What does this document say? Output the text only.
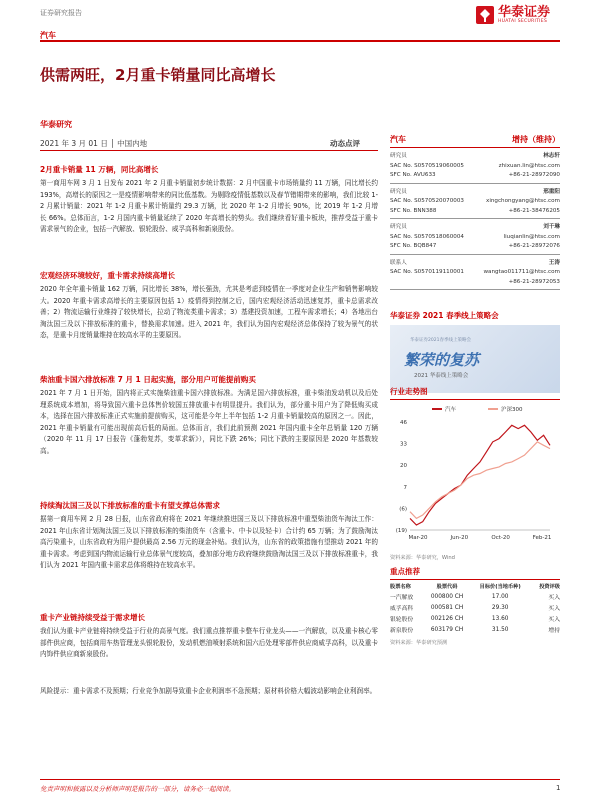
证券研究报告	华泰证券
HUATAI SECURITIES
汽车
供需两旺，2月重卡销量同比高增长
华泰研究
2021 年 3 月 01 日 │ 中国内地	动态点评
2月重卡销量 11 万辆，同比高增长
第一商用车网 3 月 1 日发布 2021 年 2 月重卡销量初步统计数据：2 月中国重卡市场销量约 11 万辆，同比增长约 193%，高增长的原因之一是疫情影响带来的同比低基数。为剔除疫情低基数以及春节错期带来的影响，我们比较 1-2 月累计销量：2021 年 1-2 月重卡累计销量约 29.3 万辆，比 2020 年 1-2 月增长 90%，比 2019 年 1-2 月增长 66%。总体而言，1-2 月国内重卡销量延续了 2020 年高增长的势头。我们继续看好重卡板块，推荐受益于重卡需求景气的企业，包括一汽解放、银轮股份、威孚高科和新泉股份。
宏观经济环境较好，重卡需求持续高增长
2020 年全年重卡销量 162 万辆，同比增长 38%，增长强劲，尤其是考虑到疫情在一季度对企业生产和销售影响较大。2020 年重卡需求高增长的主要原因包括 1）疫情得到控制之后，国内宏观经济活动迅速复苏，重卡总需求改善；2）物流运输行业维持了较快增长，拉动了物流类重卡需求；3）基建投资加速，工程车需求增长；4）各地出台淘汰国三及以下排放标准的重卡，替换需求加速。进入 2021 年，我们认为国内宏观经济总体保持了较为景气的状态，是重卡月度销量维持在较高水平的主要原因。
柴油重卡国六排放标准 7 月 1 日起实施，部分用户可能提前购买
2021 年 7 月 1 日开始，国内将正式实施柴油重卡国六排放标准。为满足国六排放标准，重卡柴油发动机以及后处理系统成本增加，将导致国六重卡总体售价较国五排放重卡有明显提升。我们认为，部分重卡用户为了降低购买成本，选择在国六排放标准正式实施前提前购买，这可能是今年上半年包括 1-2 月重卡销量较高的原因之一。因此，2021 年重卡销量有可能出现前高后低的局面。总体而言，我们此前预测 2021 年国内重卡全年总销量 120 万辆（2020 年 11 月 17 日报告《蓬勃复苏，变革求新》），同比下跌 26%；同比下跌的主要原因是 2020 年基数较高。
持续淘汰国三及以下排放标准的重卡有望支撑总体需求
据第一商用车网 2 月 28 日报，山东省政府将在 2021 年继续推进国三及以下排放标准中重型柴油货车淘汰工作：2021 年山东省计划淘汰国三及以下排放标准的柴油货车（含重卡、中卡以及轻卡）合计约 65 万辆；为了鼓励淘汰高污染重卡，山东省政府为用户提供最高 2.56 万元的现金补贴。我们认为，山东省的政策措施有望推动 2021 年的重卡需求。考虑到国内物流运输行业总体景气度较高，叠加部分地方政府继续鼓励淘汰国三及以下排放标准重卡，我们认为 2021 年国内重卡需求总体将维持在较高水平。
重卡产业链持续受益于需求增长
我们认为重卡产业链将持续受益于行业的高景气度。我们重点推荐重卡整车行业龙头——一汽解放，以及重卡核心零部件供应商，包括商用车热管理龙头银轮股份，发动机燃油喷射系统和国六后处理零部件供应商威孚高科，以及重卡内饰件供应商新泉股份。
风险提示：重卡需求不及预期；行业竞争加剧导致重卡企业利润率不急预期；原材料价格大幅波动影响企业利润率。
汽车	增持（维持）
研究员	林志轩
SAC No. S0570519060005	zhixuan.lin@htsc.com
SFC No. AVU633	+86-21-28972090
研究员	邢重阳
SAC No. S0570520070003	xingchongyang@htsc.com
SFC No. BNN388	+86-21-38476205
研究员	刘千琳
SAC No. S0570518060004	liuqianlin@htsc.com
SFC No. BQB847	+86-21-28972076
联系人	王涛
SAC No. S0570119110001	wangtao011711@htsc.com
+86-21-28972053
华泰证券 2021 春季线上策略会
华泰证券2021春季线上策略会
繁荣的复苏
2021 华泰线上策略会
行业走势图
汽车	沪深300
46
33
20
7
(6)
(19)
Mar-20	Jun-20	Oct-20	Feb-21
资料来源：华泰研究，Wind
重点推荐
股票名称	股票代码	目标价(当地币种)	投资评级
一汽解放	000800 CH	17.00	买入
威孚高科	000581 CH	29.30	买入
银轮股份	002126 CH	13.60	买入
新泉股份	603179 CH	31.50	增持
资料来源：华泰研究预测
免责声明和披露以及分析师声明是报告的一部分，请务必一起阅读。	1
